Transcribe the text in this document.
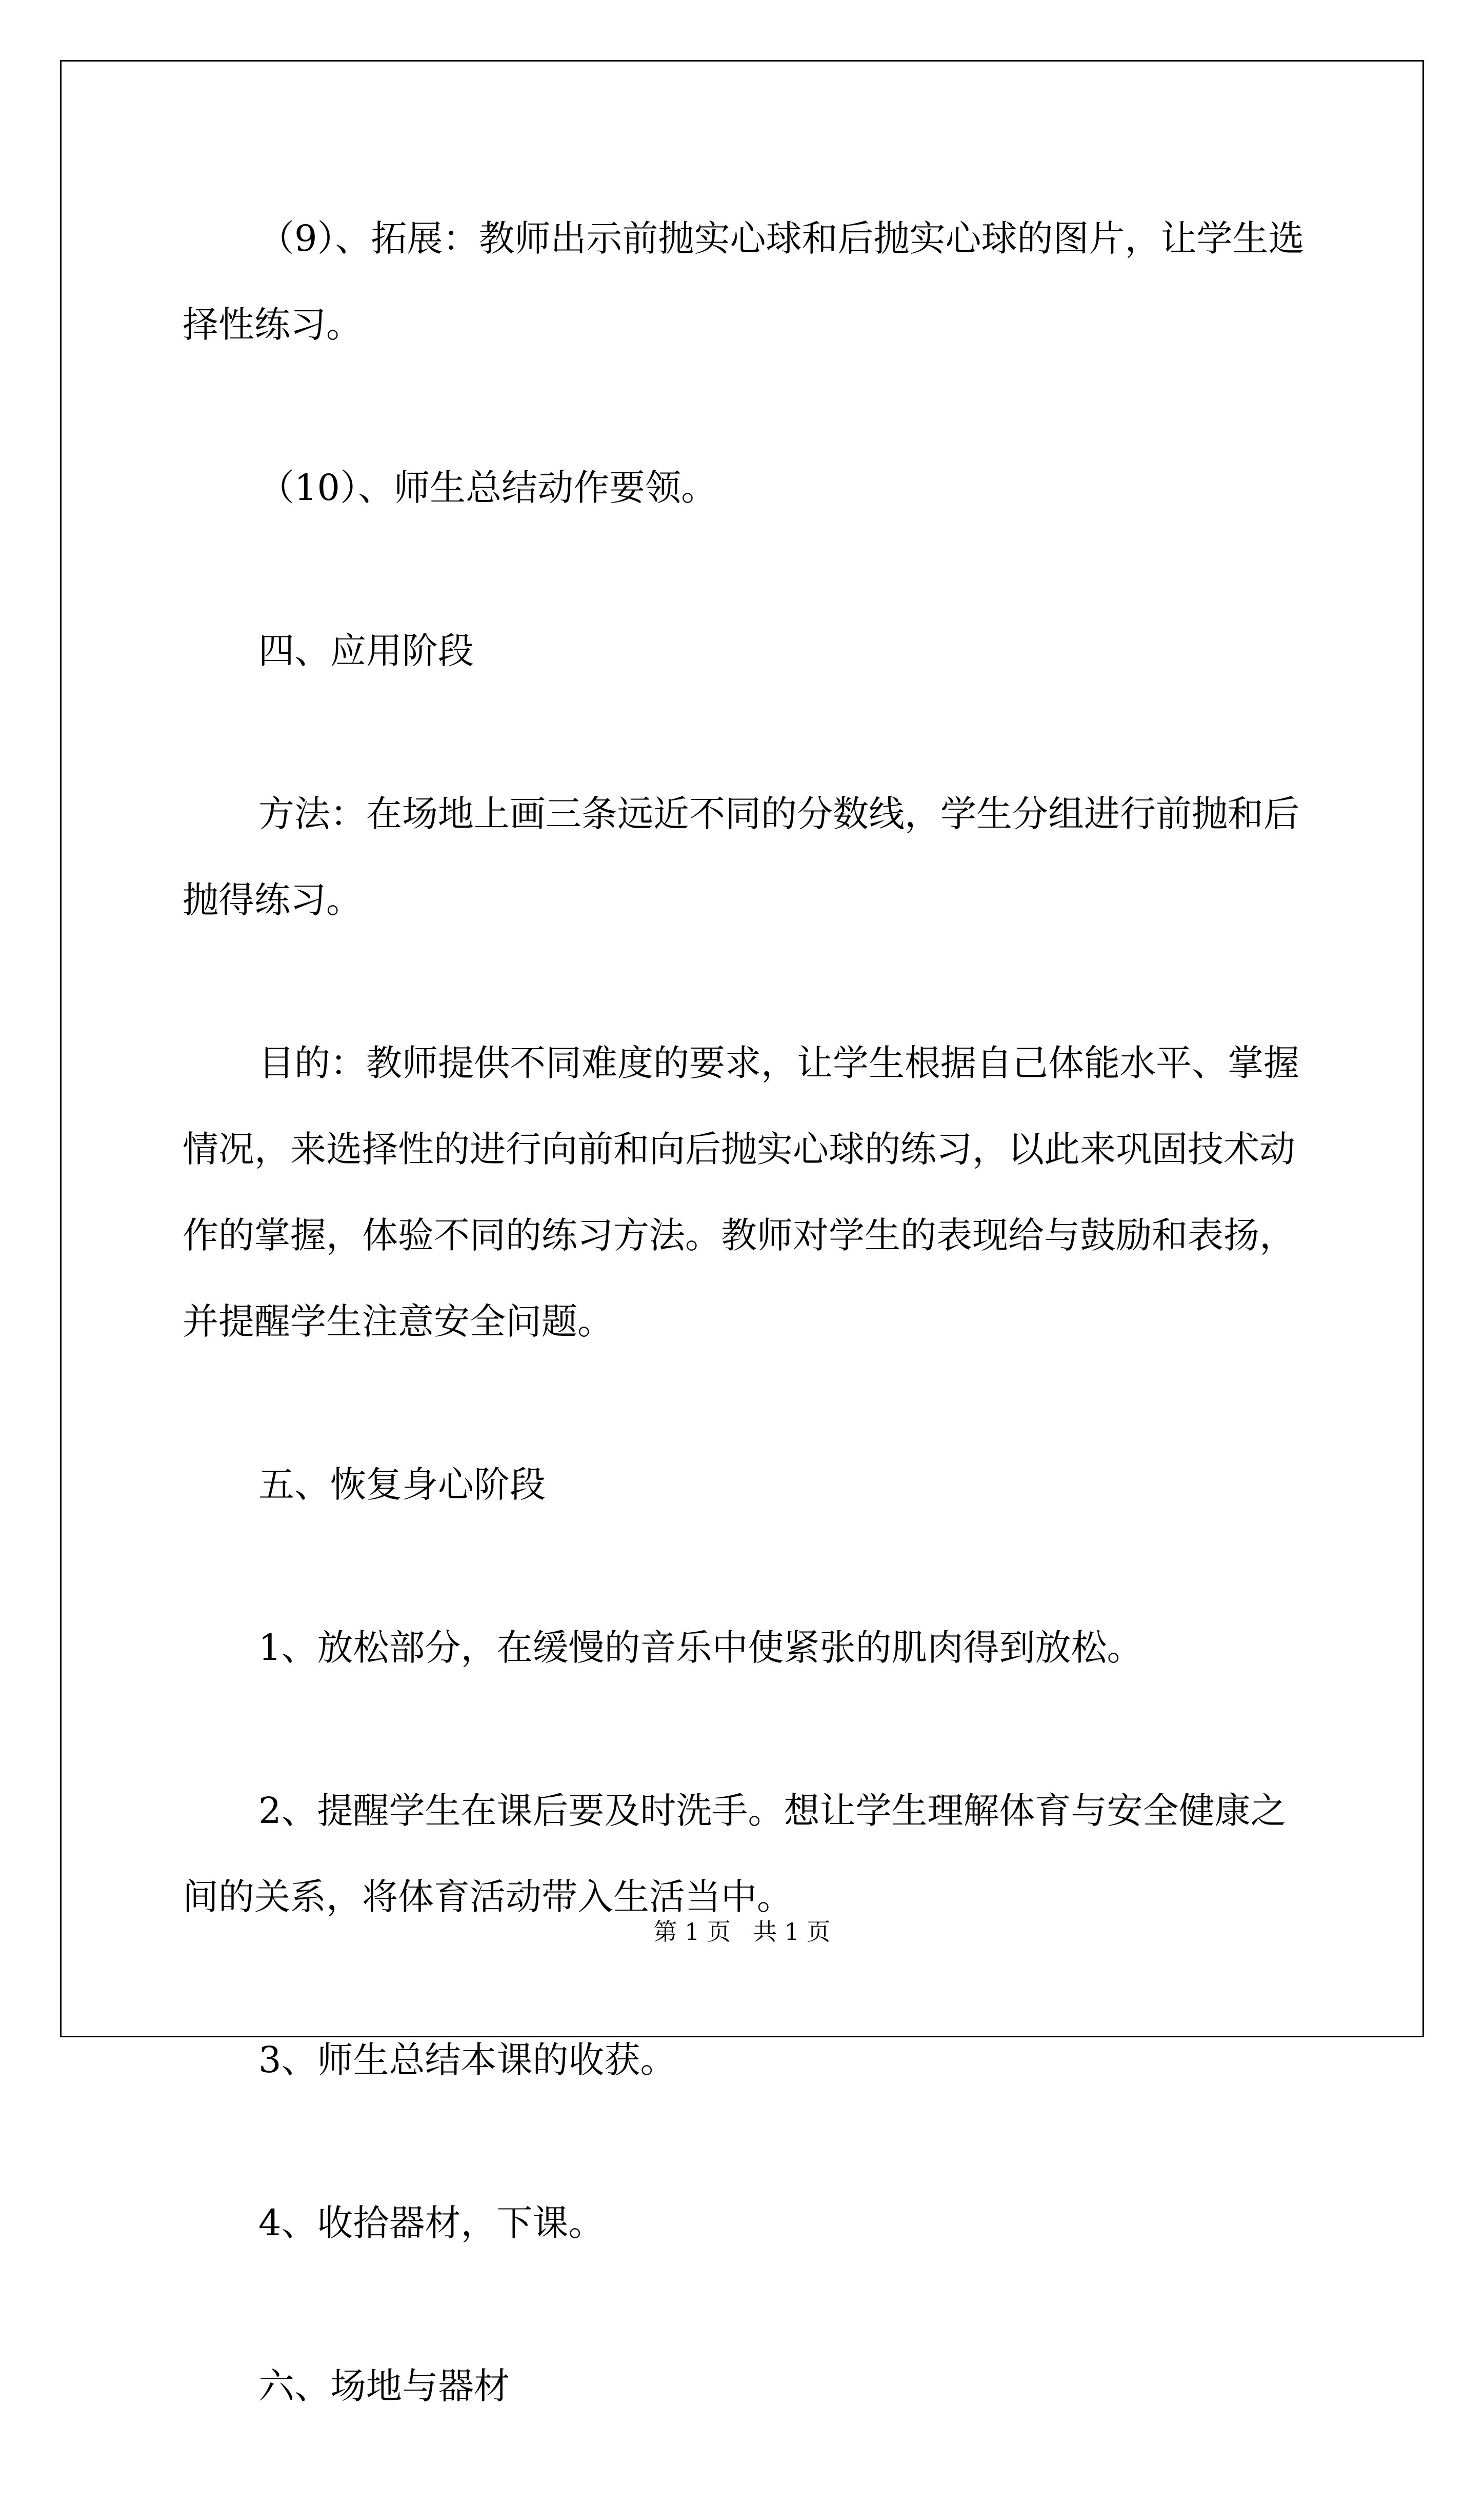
（9）、拓展：教师出示前抛实心球和后抛实心球的图片，让学生选择性练习。

（10）、师生总结动作要领。

四、应用阶段

方法：在场地上画三条远近不同的分数线，学生分组进行前抛和后抛得练习。

目的：教师提供不同难度的要求，让学生根据自己体能水平、掌握情况，来选择性的进行向前和向后抛实心球的练习，以此来巩固技术动作的掌握，体验不同的练习方法。教师对学生的表现给与鼓励和表扬，并提醒学生注意安全问题。

五、恢复身心阶段

1、放松部分，在缓慢的音乐中使紧张的肌肉得到放松。

2、提醒学生在课后要及时洗手。想让学生理解体育与安全健康之间的关系，将体育活动带入生活当中。

3、师生总结本课的收获。

4、收拾器材，下课。

六、场地与器材

第 1 页   共 1 页
